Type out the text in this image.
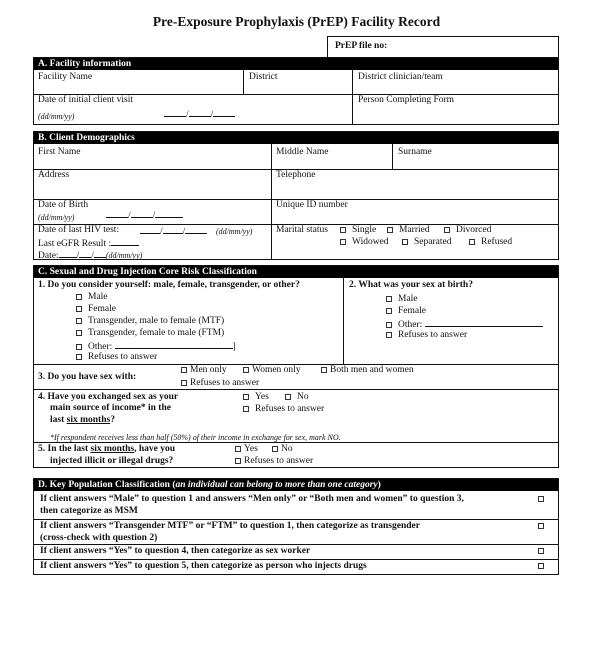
Pre-Exposure Prophylaxis (PrEP) Facility Record
PrEP file no:
A. Facility information
Facility Name	District	District clinician/team
Date of initial client visit
(dd/mm/yy)	/ /
Person Completing Form
B. Client Demographics
First Name	Middle Name	Surname
Address	Telephone
Date of Birth
(dd/mm/yy)	/ /
Unique ID number
Date of last HIV test:	/ /	(dd/mm/yy)
Last eGFR Result :
Date: / / (dd/mm/yy)
Marital status	Single	Married	Divorced
Widowed	Separated	Refused
C. Sexual and Drug Injection Core Risk Classification
1. Do you consider yourself: male, female, transgender, or other?
Male
Female
Transgender, male to female (MTF)
Transgender, female to male (FTM)
Other:	]
Refuses to answer
2. What was your sex at birth?
Male
Female
Other:
Refuses to answer
3. Do you have sex with:
Men only	Women only	Both men and women
Refuses to answer
4. Have you exchanged sex as your
main source of income* in the
last six months?
Yes	No
Refuses to answer
*If respondent receives less than half (50%) of their income in exchange for sex, mark NO.
5. In the last six months, have you
injected illicit or illegal drugs?
Yes	No
Refuses to answer
D. Key Population Classification (an individual can belong to more than one category)
If client answers “Male” to question 1 and answers “Men only” or “Both men and women” to question 3,
then categorize as MSM
If client answers “Transgender MTF” or “FTM” to question 1, then categorize as transgender
(cross-check with question 2)
If client answers “Yes” to question 4, then categorize as sex worker
If client answers “Yes” to question 5, then categorize as person who injects drugs
